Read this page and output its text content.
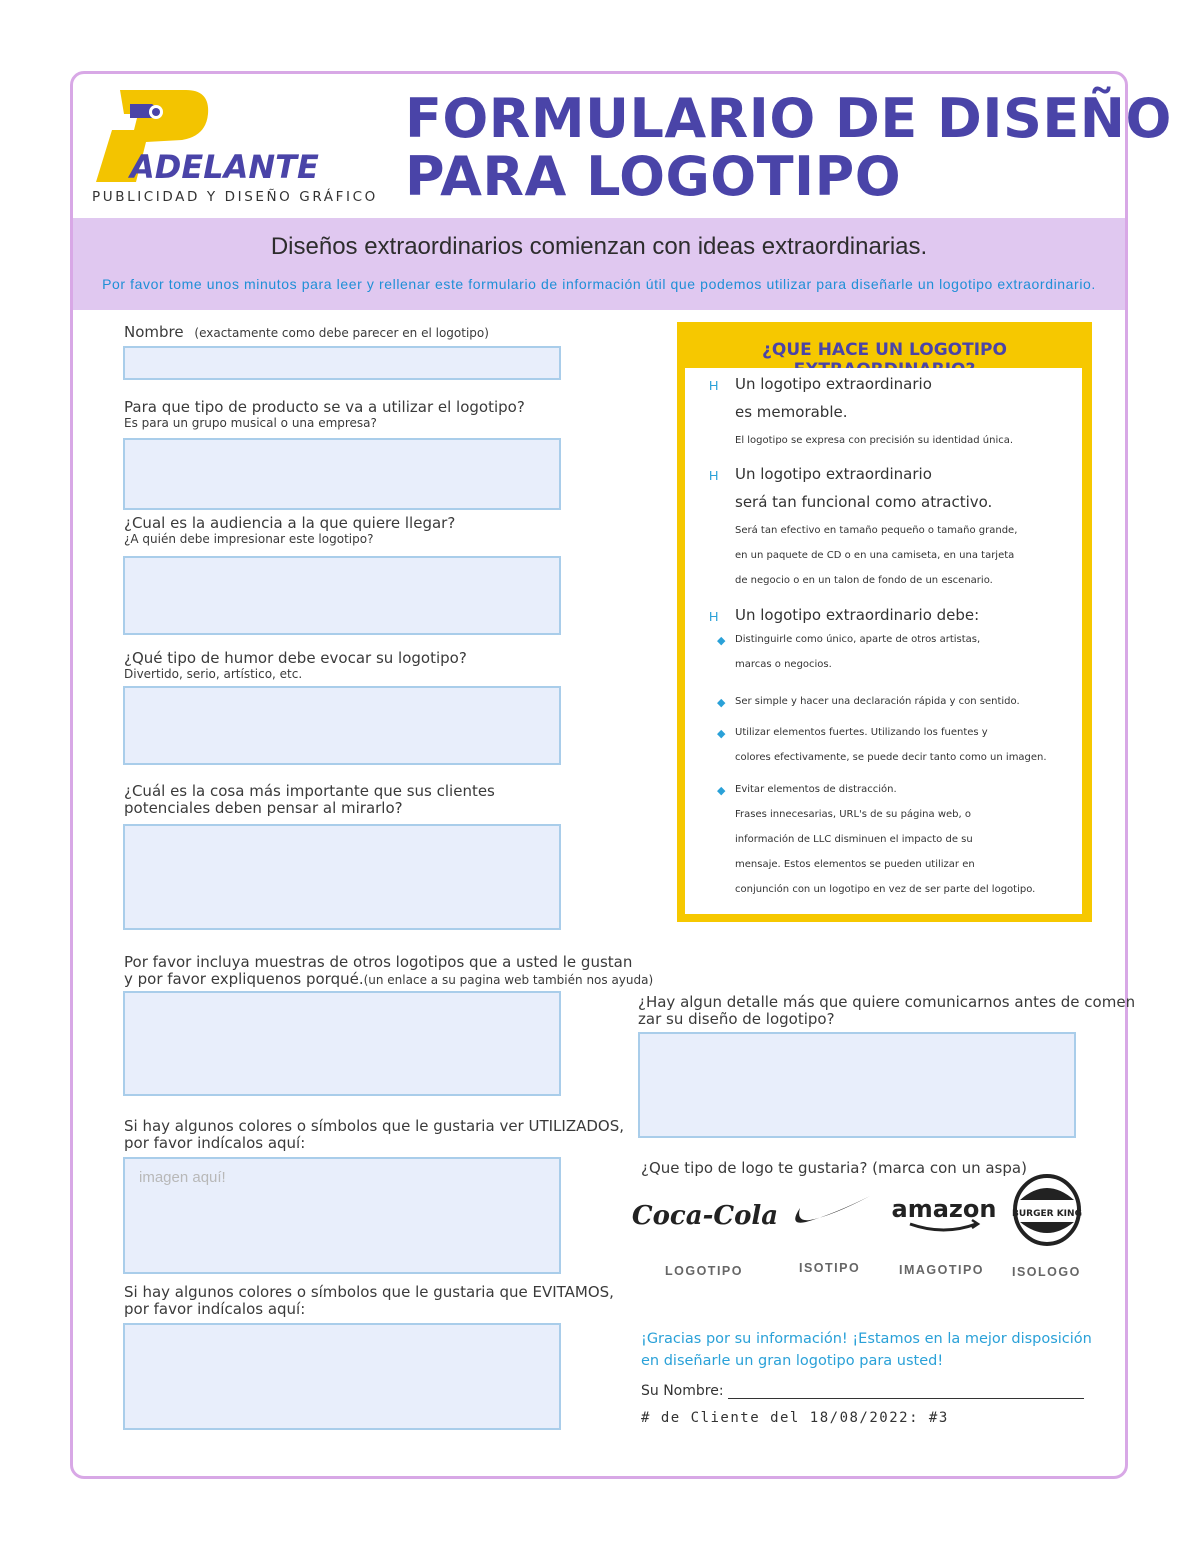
ADELANTE
PUBLICIDAD Y DISEÑO GRÁFICO
FORMULARIO DE DISEÑO
PARA LOGOTIPO
Diseños extraordinarios comienzan con ideas extraordinarias.
Por favor tome unos minutos para leer y rellenar este formulario de información útil que podemos utilizar para diseñarle un logotipo extraordinario.
Nombre (exactamente como debe parecer en el logotipo)
Para que tipo de producto se va a utilizar el logotipo?
Es para un grupo musical o una empresa?
¿Cual es la audiencia a la que quiere llegar?
¿A quién debe impresionar este logotipo?
¿Qué tipo de humor debe evocar su logotipo?
Divertido, serio, artístico, etc.
¿Cuál es la cosa más importante que sus clientes
potenciales deben pensar al mirarlo?
Por favor incluya muestras de otros logotipos que a usted le gustan
y por favor expliquenos porqué.(un enlace a su pagina web también nos ayuda)
Si hay algunos colores o símbolos que le gustaria ver UTILIZADOS,
por favor indícalos aquí:
imagen aquí!
Si hay algunos colores o símbolos que le gustaria que EVITAMOS,
por favor indícalos aquí:
¿QUE HACE UN LOGOTIPO
H Un logotipo extraordinario
es memorable.
El logotipo se expresa con precisión su identidad única.
H Un logotipo extraordinario
será tan funcional como atractivo.
Será tan efectivo en tamaño pequeño o tamaño grande,
en un paquete de CD o en una camiseta, en una tarjeta
de negocio o en un talon de fondo de un escenario.
H Un logotipo extraordinario debe:
◆ Distinguirle como único, aparte de otros artistas,
marcas o negocios.
◆ Ser simple y hacer una declaración rápida y con sentido.
◆ Utilizar elementos fuertes. Utilizando los fuentes y
colores efectivamente, se puede decir tanto como un imagen.
◆ Evitar elementos de distracción.
Frases innecesarias, URL's de su página web, o
información de LLC disminuen el impacto de su
mensaje. Estos elementos se pueden utilizar en
conjunción con un logotipo en vez de ser parte del logotipo.
¿Hay algun detalle más que quiere comunicarnos antes de comen
zar su diseño de logotipo?
¿Que tipo de logo te gustaria? (marca con un aspa)
Coca-Cola
LOGOTIPO	ISOTIPO
amazon
IMAGOTIPO
BURGER KING
ISOLOGO
¡Gracias por su información! ¡Estamos en la mejor disposición en diseñarle un gran logotipo para usted!
Su Nombre:
# de Cliente del 18/08/2022: #3
